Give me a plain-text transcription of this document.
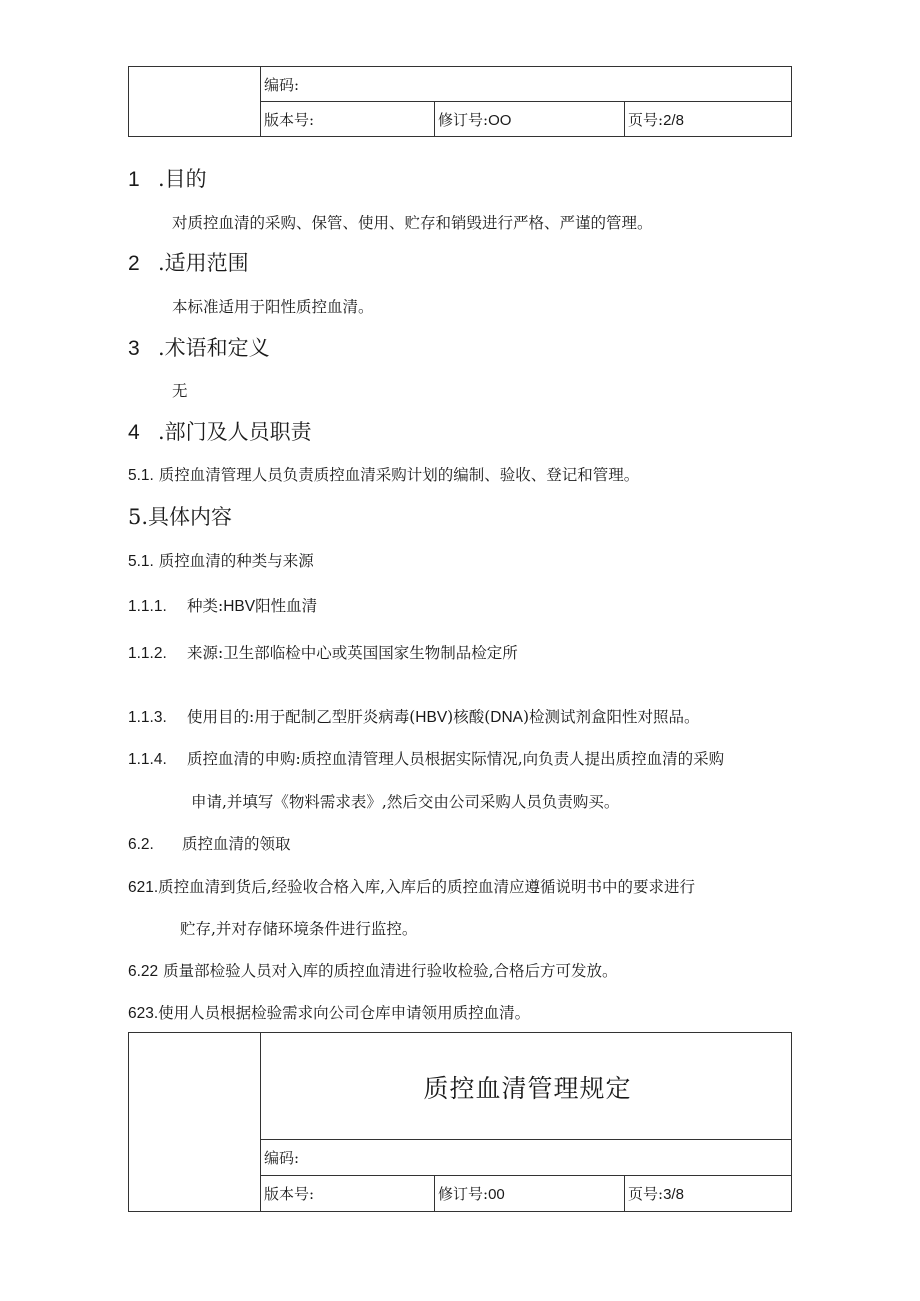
	编码:		
	版本号:	修订号:OO	页号:2/8
1 .目的
对质控血清的采购、保管、使用、贮存和销毁进行严格、严谨的管理。
2 .适用范围
本标准适用于阳性质控血清。
3 .术语和定义
无
4 .部门及人员职责
5.1. 质控血清管理人员负责质控血清采购计划的编制、验收、登记和管理。
5.具体内容
5.1. 质控血清的种类与来源
1.1.1. 种类:HBV阳性血清
1.1.2. 来源:卫生部临检中心或英国国家生物制品检定所
1.1.3. 使用目的:用于配制乙型肝炎病毒(HBV)核酸(DNA)检测试剂盒阳性对照品。
1.1.4. 质控血清的申购:质控血清管理人员根据实际情况,向负责人提出质控血清的采购
申请,并填写《物料需求表》,然后交由公司采购人员负责购买。
6.2. 质控血清的领取
621.质控血清到货后,经验收合格入库,入库后的质控血清应遵循说明书中的要求进行
贮存,并对存储环境条件进行监控。
6.22 质量部检验人员对入库的质控血清进行验收检验,合格后方可发放。
623.使用人员根据检验需求向公司仓库申请领用质控血清。
	质控血清管理规定		
	编码:		
	版本号:	修订号:00	页号:3/8
